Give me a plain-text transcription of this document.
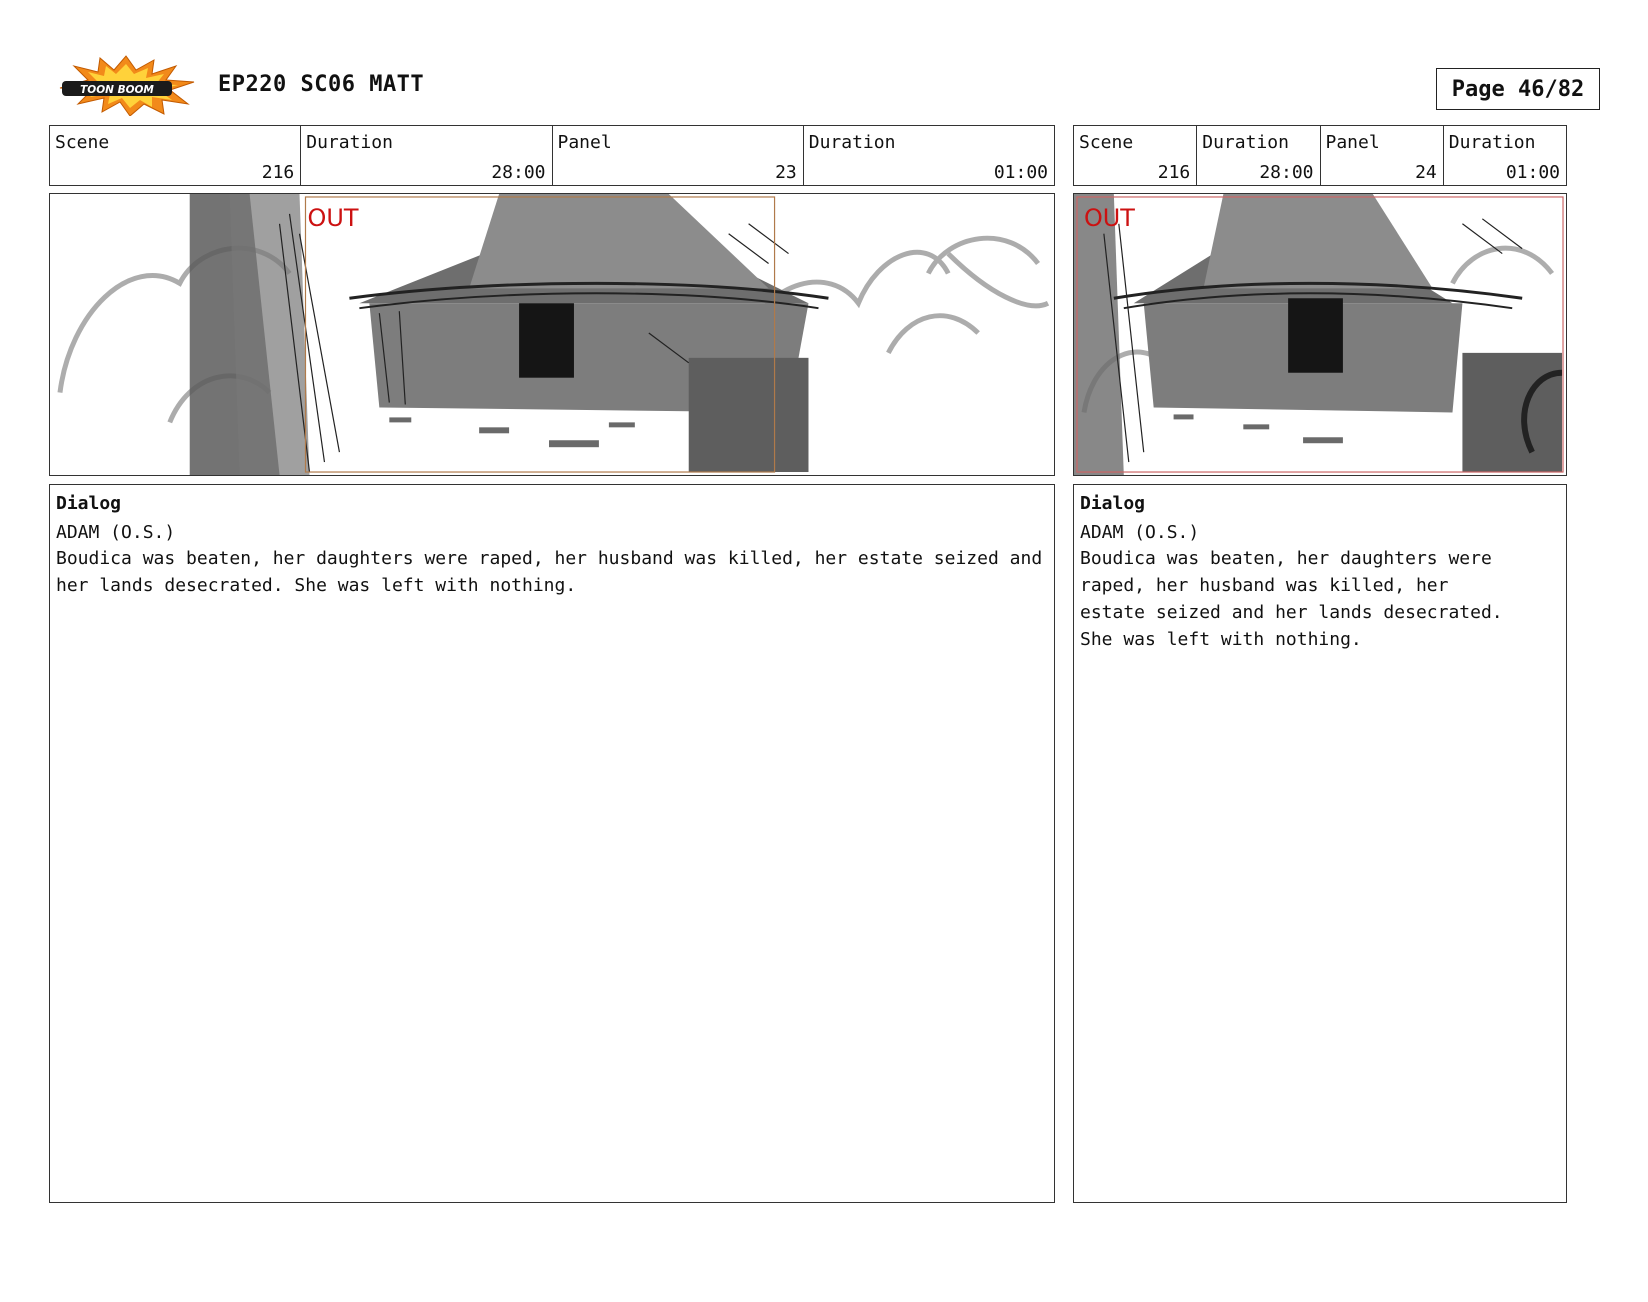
TOON BOOM	EP220 SC06 MATT	Page 46/82
Scene
216
Duration
28:00
Panel
23
Duration
01:00
OUT
Dialog
ADAM (O.S.)
Boudica was beaten, her daughters were raped, her husband was killed, her estate seized and her lands desecrated. She was left with nothing.
Scene
216
Duration
28:00
Panel
24
Duration
01:00
OUT
Dialog
ADAM (O.S.)
Boudica was beaten, her daughters were
raped, her husband was killed, her
estate seized and her lands desecrated.
She was left with nothing.
